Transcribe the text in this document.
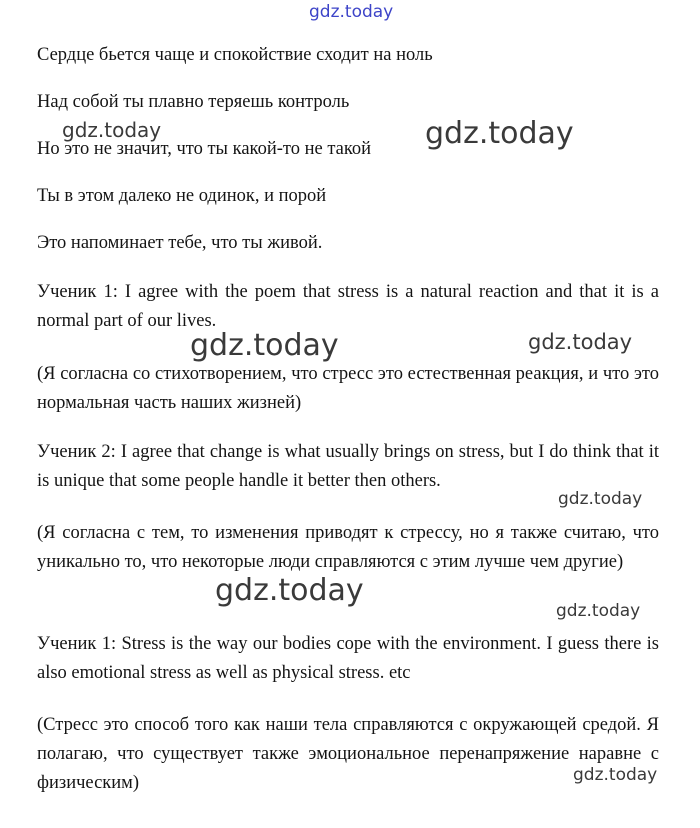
Сердце бьется чаще и спокойствие сходит на ноль
Над собой ты плавно теряешь контроль
Но это не значит, что ты какой-то не такой
Ты в этом далеко не одинок, и порой
Это напоминает тебе, что ты живой.
Ученик 1: I agree with the poem that stress is a natural reaction and that it is a normal part of our lives.
(Я согласна со стихотворением, что стресс это естественная реакция, и что это нормальная часть наших жизней)
Ученик 2: I agree that change is what usually brings on stress, but I do think that it is unique that some people handle it better then others.
(Я согласна с тем, то изменения приводят к стрессу, но я также считаю, что уникально то, что некоторые люди справляются с этим лучше чем другие)
Ученик 1: Stress is the way our bodies cope with the environment. I guess there is also emotional stress as well as physical stress. etc
(Стресс это способ того как наши тела справляются с окружающей средой. Я полагаю, что существует также эмоциональное перенапряжение наравне с физическим)
gdz.today
gdz.today	gdz.today
gdz.today	gdz.today
gdz.today
gdz.today
gdz.today
gdz.today
